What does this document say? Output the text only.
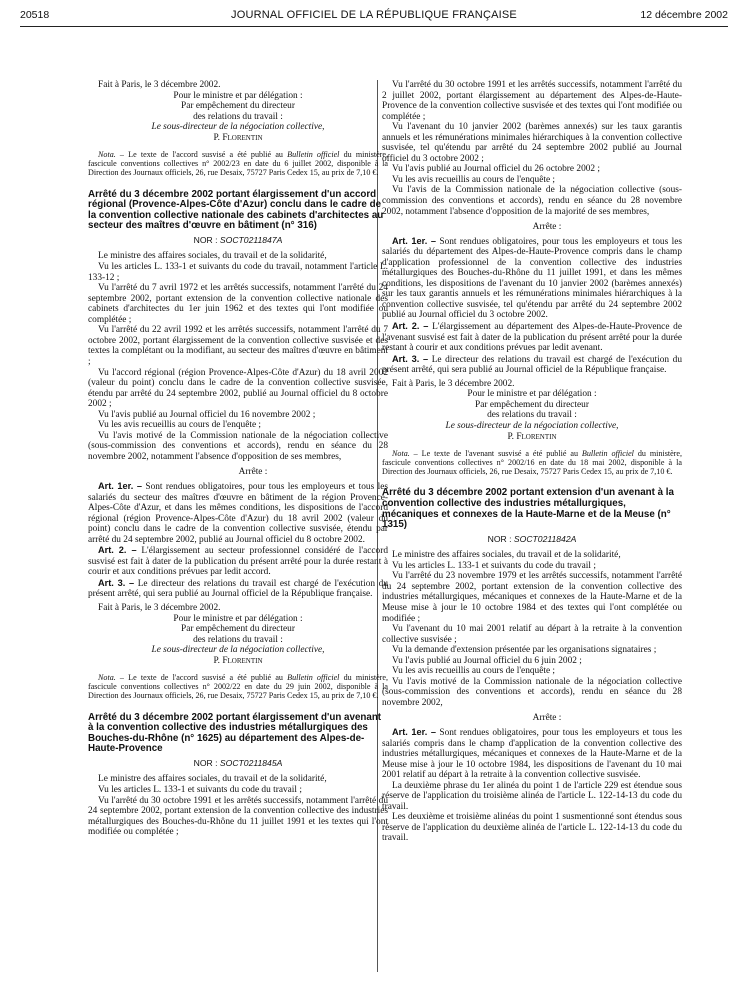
20518	JOURNAL OFFICIEL DE LA RÉPUBLIQUE FRANÇAISE	12 décembre 2002

Fait à Paris, le 3 décembre 2002.

Pour le ministre et par délégation :

Par empêchement du directeur

des relations du travail :

Le sous-directeur de la négociation collective,

P. Florentin

Nota. – Le texte de l'accord susvisé a été publié au Bulletin officiel du ministère, fascicule conventions collectives n° 2002/23 en date du 6 juillet 2002, disponible à la Direction des Journaux officiels, 26, rue Desaix, 75727 Paris Cedex 15, au prix de 7,10 €.

Arrêté du 3 décembre 2002 portant élargissement d'un accord régional (Provence-Alpes-Côte d'Azur) conclu dans le cadre de la convention collective nationale des cabinets d'architectes au secteur des maîtres d'œuvre en bâtiment (n° 316)

NOR : SOCT0211847A

Le ministre des affaires sociales, du travail et de la solidarité,

Vu les articles L. 133-1 et suivants du code du travail, notamment l'article L. 133-12 ;

Vu l'arrêté du 7 avril 1972 et les arrêtés successifs, notamment l'arrêté du 24 septembre 2002, portant extension de la convention collective nationale des cabinets d'architectes du 1er juin 1962 et des textes qui l'ont modifiée ou complétée ;

Vu l'arrêté du 22 avril 1992 et les arrêtés successifs, notamment l'arrêté du 7 octobre 2002, portant élargissement de la convention collective susvisée et des textes la complétant ou la modifiant, au secteur des maîtres d'œuvre en bâtiment ;

Vu l'accord régional (région Provence-Alpes-Côte d'Azur) du 18 avril 2002 (valeur du point) conclu dans le cadre de la convention collective susvisée, étendu par arrêté du 24 septembre 2002, publié au Journal officiel du 8 octobre 2002 ;

Vu l'avis publié au Journal officiel du 16 novembre 2002 ;

Vu les avis recueillis au cours de l'enquête ;

Vu l'avis motivé de la Commission nationale de la négociation collective (sous-commission des conventions et accords), rendu en séance du 28 novembre 2002, notamment l'absence d'opposition de ses membres,

Arrête :

Art. 1er. – Sont rendues obligatoires, pour tous les employeurs et tous les salariés du secteur des maîtres d'œuvre en bâtiment de la région Provence-Alpes-Côte d'Azur, et dans les mêmes conditions, les dispositions de l'accord régional (région Provence-Alpes-Côte d'Azur) du 18 avril 2002 (valeur du point) conclu dans le cadre de la convention collective susvisée, étendu par arrêté du 24 septembre 2002, publié au Journal officiel du 8 octobre 2002.

Art. 2. – L'élargissement au secteur professionnel considéré de l'accord susvisé est fait à dater de la publication du présent arrêté pour la durée restant à courir et aux conditions prévues par ledit accord.

Art. 3. – Le directeur des relations du travail est chargé de l'exécution du présent arrêté, qui sera publié au Journal officiel de la République française.

Fait à Paris, le 3 décembre 2002.

Pour le ministre et par délégation :

Par empêchement du directeur

des relations du travail :

Le sous-directeur de la négociation collective,

P. Florentin

Nota. – Le texte de l'accord susvisé a été publié au Bulletin officiel du ministère, fascicule conventions collectives n° 2002/22 en date du 29 juin 2002, disponible à la Direction des Journaux officiels, 26, rue Desaix, 75727 Paris Cedex 15, au prix de 7,10 €.

Arrêté du 3 décembre 2002 portant élargissement d'un avenant à la convention collective des industries métallurgiques des Bouches-du-Rhône (n° 1625) au département des Alpes-de-Haute-Provence

NOR : SOCT0211845A

Le ministre des affaires sociales, du travail et de la solidarité,

Vu les articles L. 133-1 et suivants du code du travail ;

Vu l'arrêté du 30 octobre 1991 et les arrêtés successifs, notamment l'arrêté du 24 septembre 2002, portant extension de la convention collective des industries métallurgiques des Bouches-du-Rhône du 11 juillet 1991 et les textes qui l'ont modifiée ou complétée ;

Vu l'arrêté du 30 octobre 1991 et les arrêtés successifs, notamment l'arrêté du 2 juillet 2002, portant élargissement au département des Alpes-de-Haute-Provence de la convention collective susvisée et des textes qui l'ont modifiée ou complétée ;

Vu l'avenant du 10 janvier 2002 (barèmes annexés) sur les taux garantis annuels et les rémunérations minimales hiérarchiques à la convention collective susvisée, tel qu'étendu par arrêté du 24 septembre 2002 publié au Journal officiel du 3 octobre 2002 ;

Vu l'avis publié au Journal officiel du 26 octobre 2002 ;

Vu les avis recueillis au cours de l'enquête ;

Vu l'avis de la Commission nationale de la négociation collective (sous-commission des conventions et accords), rendu en séance du 28 novembre 2002, notamment l'absence d'opposition de la majorité de ses membres,

Arrête :

Art. 1er. – Sont rendues obligatoires, pour tous les employeurs et tous les salariés du département des Alpes-de-Haute-Provence compris dans le champ d'application professionnel de la convention collective des industries métallurgiques des Bouches-du-Rhône du 11 juillet 1991, et dans les mêmes conditions, les dispositions de l'avenant du 10 janvier 2002 (barèmes annexés) sur les taux garantis annuels et les rémunérations minimales hiérarchiques à la convention collective susvisée, tel qu'étendu par arrêté du 24 septembre 2002 publié au Journal officiel du 3 octobre 2002.

Art. 2. – L'élargissement au département des Alpes-de-Haute-Provence de l'avenant susvisé est fait à dater de la publication du présent arrêté pour la durée restant à courir et aux conditions prévues par ledit avenant.

Art. 3. – Le directeur des relations du travail est chargé de l'exécution du présent arrêté, qui sera publié au Journal officiel de la République française.

Fait à Paris, le 3 décembre 2002.

Pour le ministre et par délégation :

Par empêchement du directeur

des relations du travail :

Le sous-directeur de la négociation collective,

P. Florentin

Nota. – Le texte de l'avenant susvisé a été publié au Bulletin officiel du ministère, fascicule conventions collectives n° 2002/16 en date du 18 mai 2002, disponible à la Direction des Journaux officiels, 26, rue Desaix, 75727 Paris Cedex 15, au prix de 7,10 €.

Arrêté du 3 décembre 2002 portant extension d'un avenant à la convention collective des industries métallurgiques, mécaniques et connexes de la Haute-Marne et de la Meuse (n° 1315)

NOR : SOCT0211842A

Le ministre des affaires sociales, du travail et de la solidarité,

Vu les articles L. 133-1 et suivants du code du travail ;

Vu l'arrêté du 23 novembre 1979 et les arrêtés successifs, notamment l'arrêté du 24 septembre 2002, portant extension de la convention collective des industries métallurgiques, mécaniques et connexes de la Haute-Marne et de la Meuse mise à jour le 10 octobre 1984 et des textes qui l'ont complétée ou modifiée ;

Vu l'avenant du 10 mai 2001 relatif au départ à la retraite à la convention collective susvisée ;

Vu la demande d'extension présentée par les organisations signataires ;

Vu l'avis publié au Journal officiel du 6 juin 2002 ;

Vu les avis recueillis au cours de l'enquête ;

Vu l'avis motivé de la Commission nationale de la négociation collective (sous-commission des conventions et accords), rendu en séance du 28 novembre 2002,

Arrête :

Art. 1er. – Sont rendues obligatoires, pour tous les employeurs et tous les salariés compris dans le champ d'application de la convention collective des industries métallurgiques, mécaniques et connexes de la Haute-Marne et de la Meuse mise à jour le 10 octobre 1984, les dispositions de l'avenant du 10 mai 2001 relatif au départ à la retraite à la convention collective susvisée.

La deuxième phrase du 1er alinéa du point 1 de l'article 229 est étendue sous réserve de l'application du troisième alinéa de l'article L. 122-14-13 du code du travail.

Les deuxième et troisième alinéas du point 1 susmentionné sont étendus sous réserve de l'application du deuxième alinéa de l'article L. 122-14-13 du code du travail.
